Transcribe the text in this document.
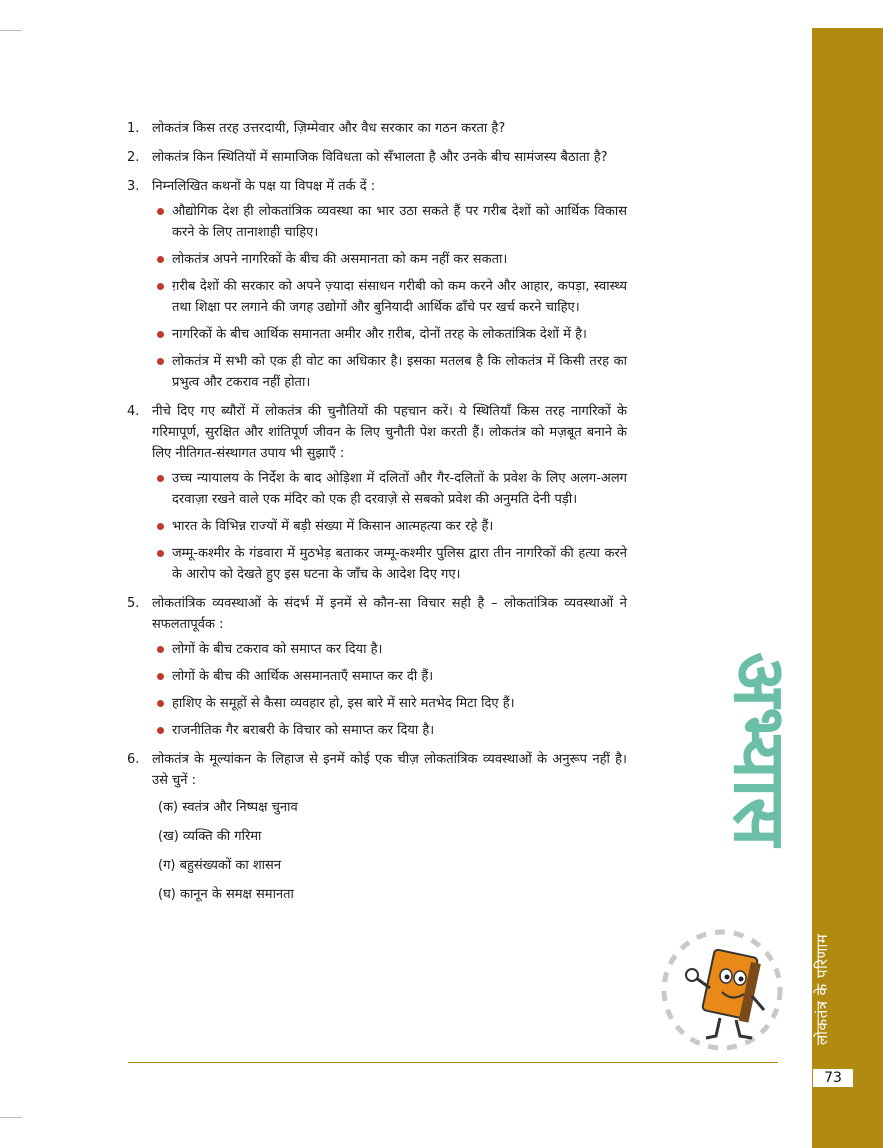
73
अभ्यास
1. लोकतंत्र किस तरह उत्तरदायी, ज़िम्मेवार और वैध सरकार का गठन करता है?
2. लोकतंत्र किन स्थितियों में सामाजिक विविधता को सँभालता है और उनके बीच सामंजस्य बैठाता है?
3. निम्नलिखित कथनों के पक्ष या विपक्ष में तर्क दें :
औद्योगिक देश ही लोकतांत्रिक व्यवस्था का भार उठा सकते हैं पर गरीब देशों को आर्थिक विकास करने के लिए तानाशाही चाहिए।
लोकतंत्र अपने नागरिकों के बीच की असमानता को कम नहीं कर सकता।
ग़रीब देशों की सरकार को अपने ज़्यादा संसाधन गरीबी को कम करने और आहार, कपड़ा, स्वास्थ्य तथा शिक्षा पर लगाने की जगह उद्योगों और बुनियादी आर्थिक ढाँचे पर खर्च करने चाहिए।
नागरिकों के बीच आर्थिक समानता अमीर और ग़रीब, दोनों तरह के लोकतांत्रिक देशों में है।
लोकतंत्र में सभी को एक ही वोट का अधिकार है। इसका मतलब है कि लोकतंत्र में किसी तरह का प्रभुत्व और टकराव नहीं होता।
4. नीचे दिए गए ब्यौरों में लोकतंत्र की चुनौतियों की पहचान करें। ये स्थितियाँ किस तरह नागरिकों के गरिमापूर्ण, सुरक्षित और शांतिपूर्ण जीवन के लिए चुनौती पेश करती हैं। लोकतंत्र को मज़बूत बनाने के लिए नीतिगत-संस्थागत उपाय भी सुझाएँ :
उच्च न्यायालय के निर्देश के बाद ओड़िशा में दलितों और गैर-दलितों के प्रवेश के लिए अलग-अलग दरवाज़ा रखने वाले एक मंदिर को एक ही दरवाज़े से सबको प्रवेश की अनुमति देनी पड़ी।
भारत के विभिन्न राज्यों में बड़ी संख्या में किसान आत्महत्या कर रहे हैं।
जम्मू-कश्मीर के गंडवारा में मुठभेड़ बताकर जम्मू-कश्मीर पुलिस द्वारा तीन नागरिकों की हत्या करने के आरोप को देखते हुए इस घटना के जाँच के आदेश दिए गए।
5. लोकतांत्रिक व्यवस्थाओं के संदर्भ में इनमें से कौन-सा विचार सही है – लोकतांत्रिक व्यवस्थाओं ने सफलतापूर्वक :
लोगों के बीच टकराव को समाप्त कर दिया है।
लोगों के बीच की आर्थिक असमानताएँ समाप्त कर दी हैं।
हाशिए के समूहों से कैसा व्यवहार हो, इस बारे में सारे मतभेद मिटा दिए हैं।
राजनीतिक गैर बराबरी के विचार को समाप्त कर दिया है।
6. लोकतंत्र के मूल्यांकन के लिहाज से इनमें कोई एक चीज़ लोकतांत्रिक व्यवस्थाओं के अनुरूप नहीं है। उसे चुनें :
(क) स्वतंत्र और निष्पक्ष चुनाव
(ख) व्यक्ति की गरिमा
(ग) बहुसंख्यकों का शासन
(घ) कानून के समक्ष समानता
